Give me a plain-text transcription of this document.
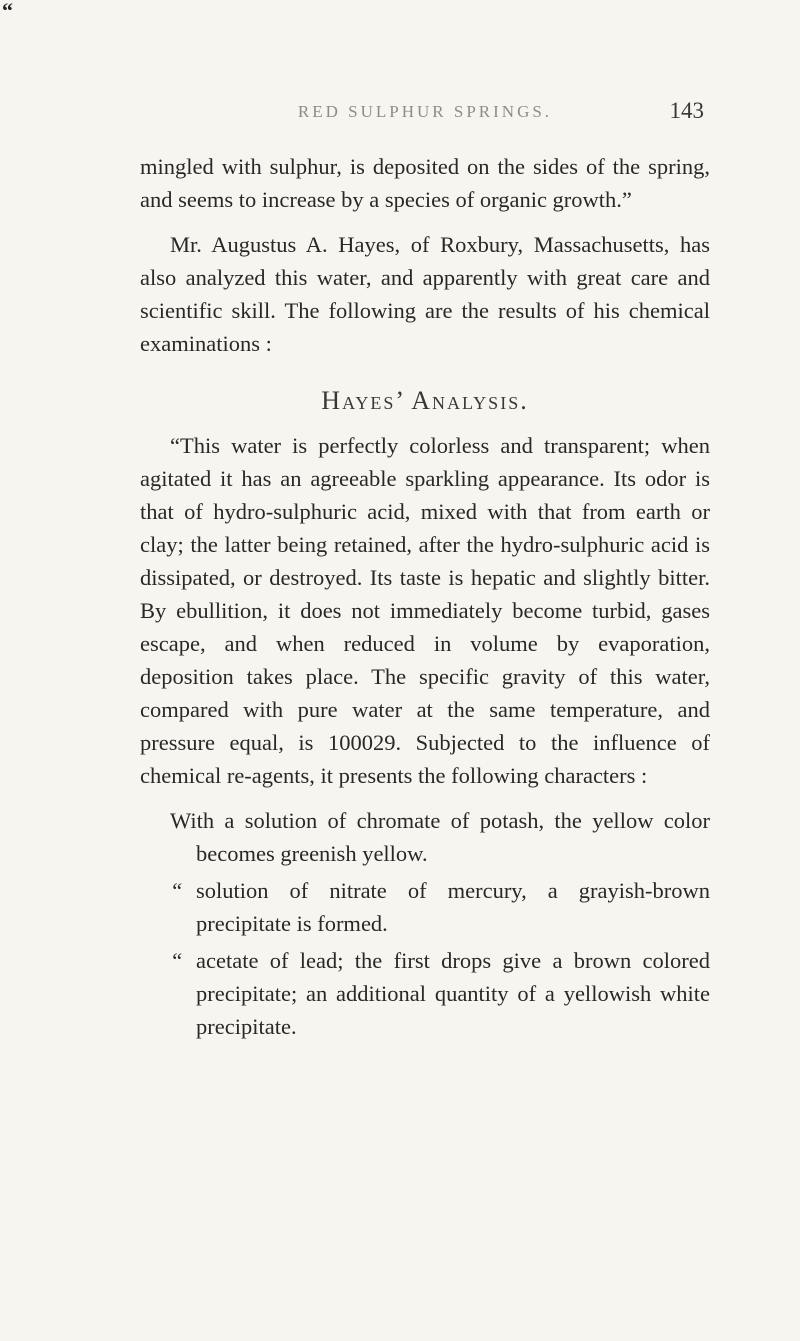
“
RED SULPHUR SPRINGS.	143

mingled with sulphur, is deposited on the sides of the spring, and seems to increase by a species of organic growth.”

Mr. Augustus A. Hayes, of Roxbury, Massachusetts, has also analyzed this water, and apparently with great care and scientific skill. The following are the results of his chemical examinations :

Hayes’ Analysis.

“This water is perfectly colorless and transparent; when agitated it has an agreeable sparkling appearance. Its odor is that of hydro-sulphuric acid, mixed with that from earth or clay; the latter being retained, after the hydro-sulphuric acid is dissipated, or destroyed. Its taste is hepatic and slightly bitter. By ebullition, it does not immediately become turbid, gases escape, and when reduced in volume by evaporation, deposition takes place. The specific gravity of this water, compared with pure water at the same temperature, and pressure equal, is 100029. Subjected to the influence of chemical re-agents, it presents the following characters :

With a solution of chromate of potash, the yellow color becomes greenish yellow.
“ solution of nitrate of mercury, a grayish-brown precipitate is formed.
“ acetate of lead; the first drops give a brown colored precipitate; an additional quantity of a yellowish white precipitate.
